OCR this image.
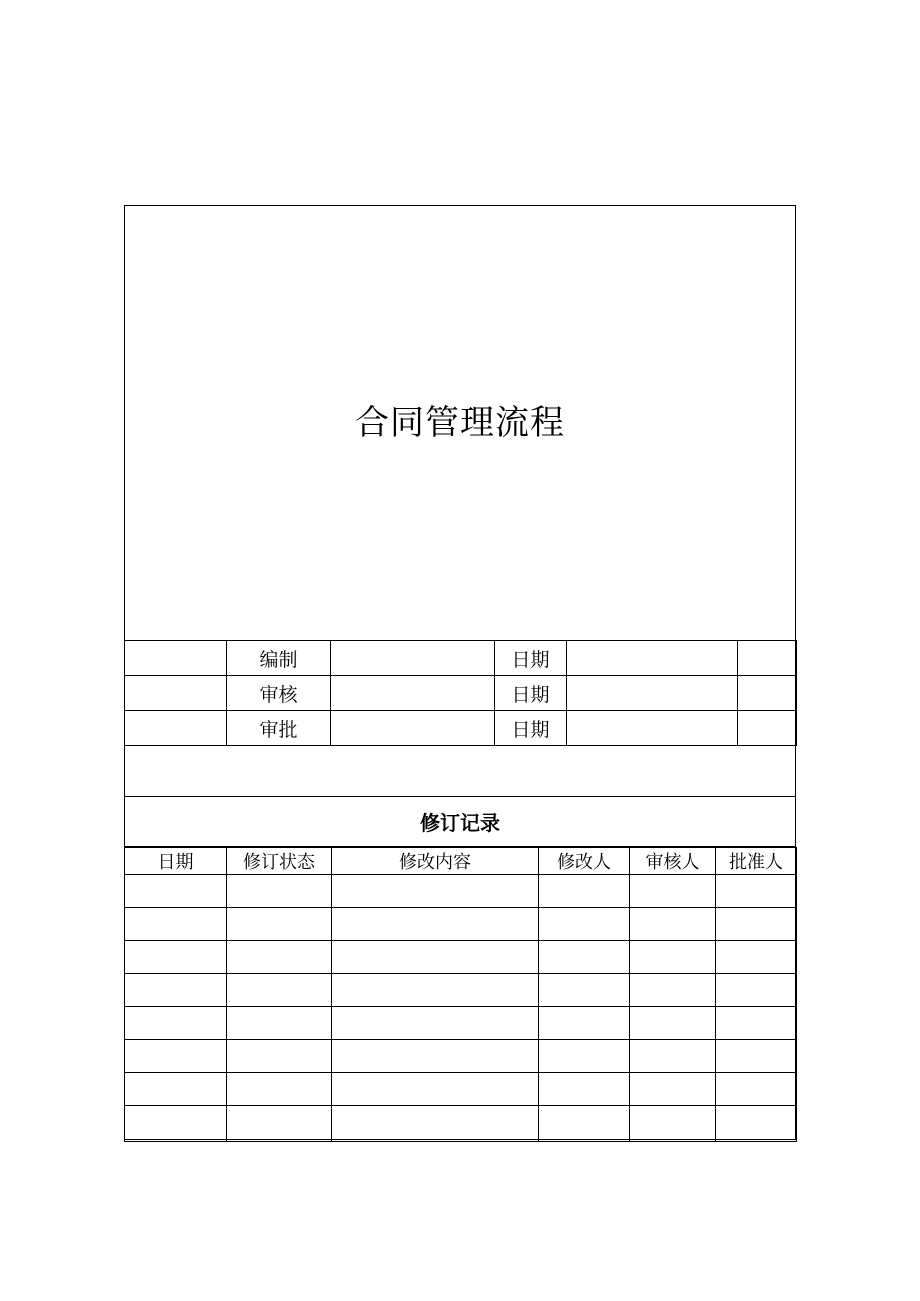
合同管理流程
	编制		日期		
	审核		日期		
	审批		日期		
修订记录
日期	修订状态	修改内容	修改人	审核人	批准人
